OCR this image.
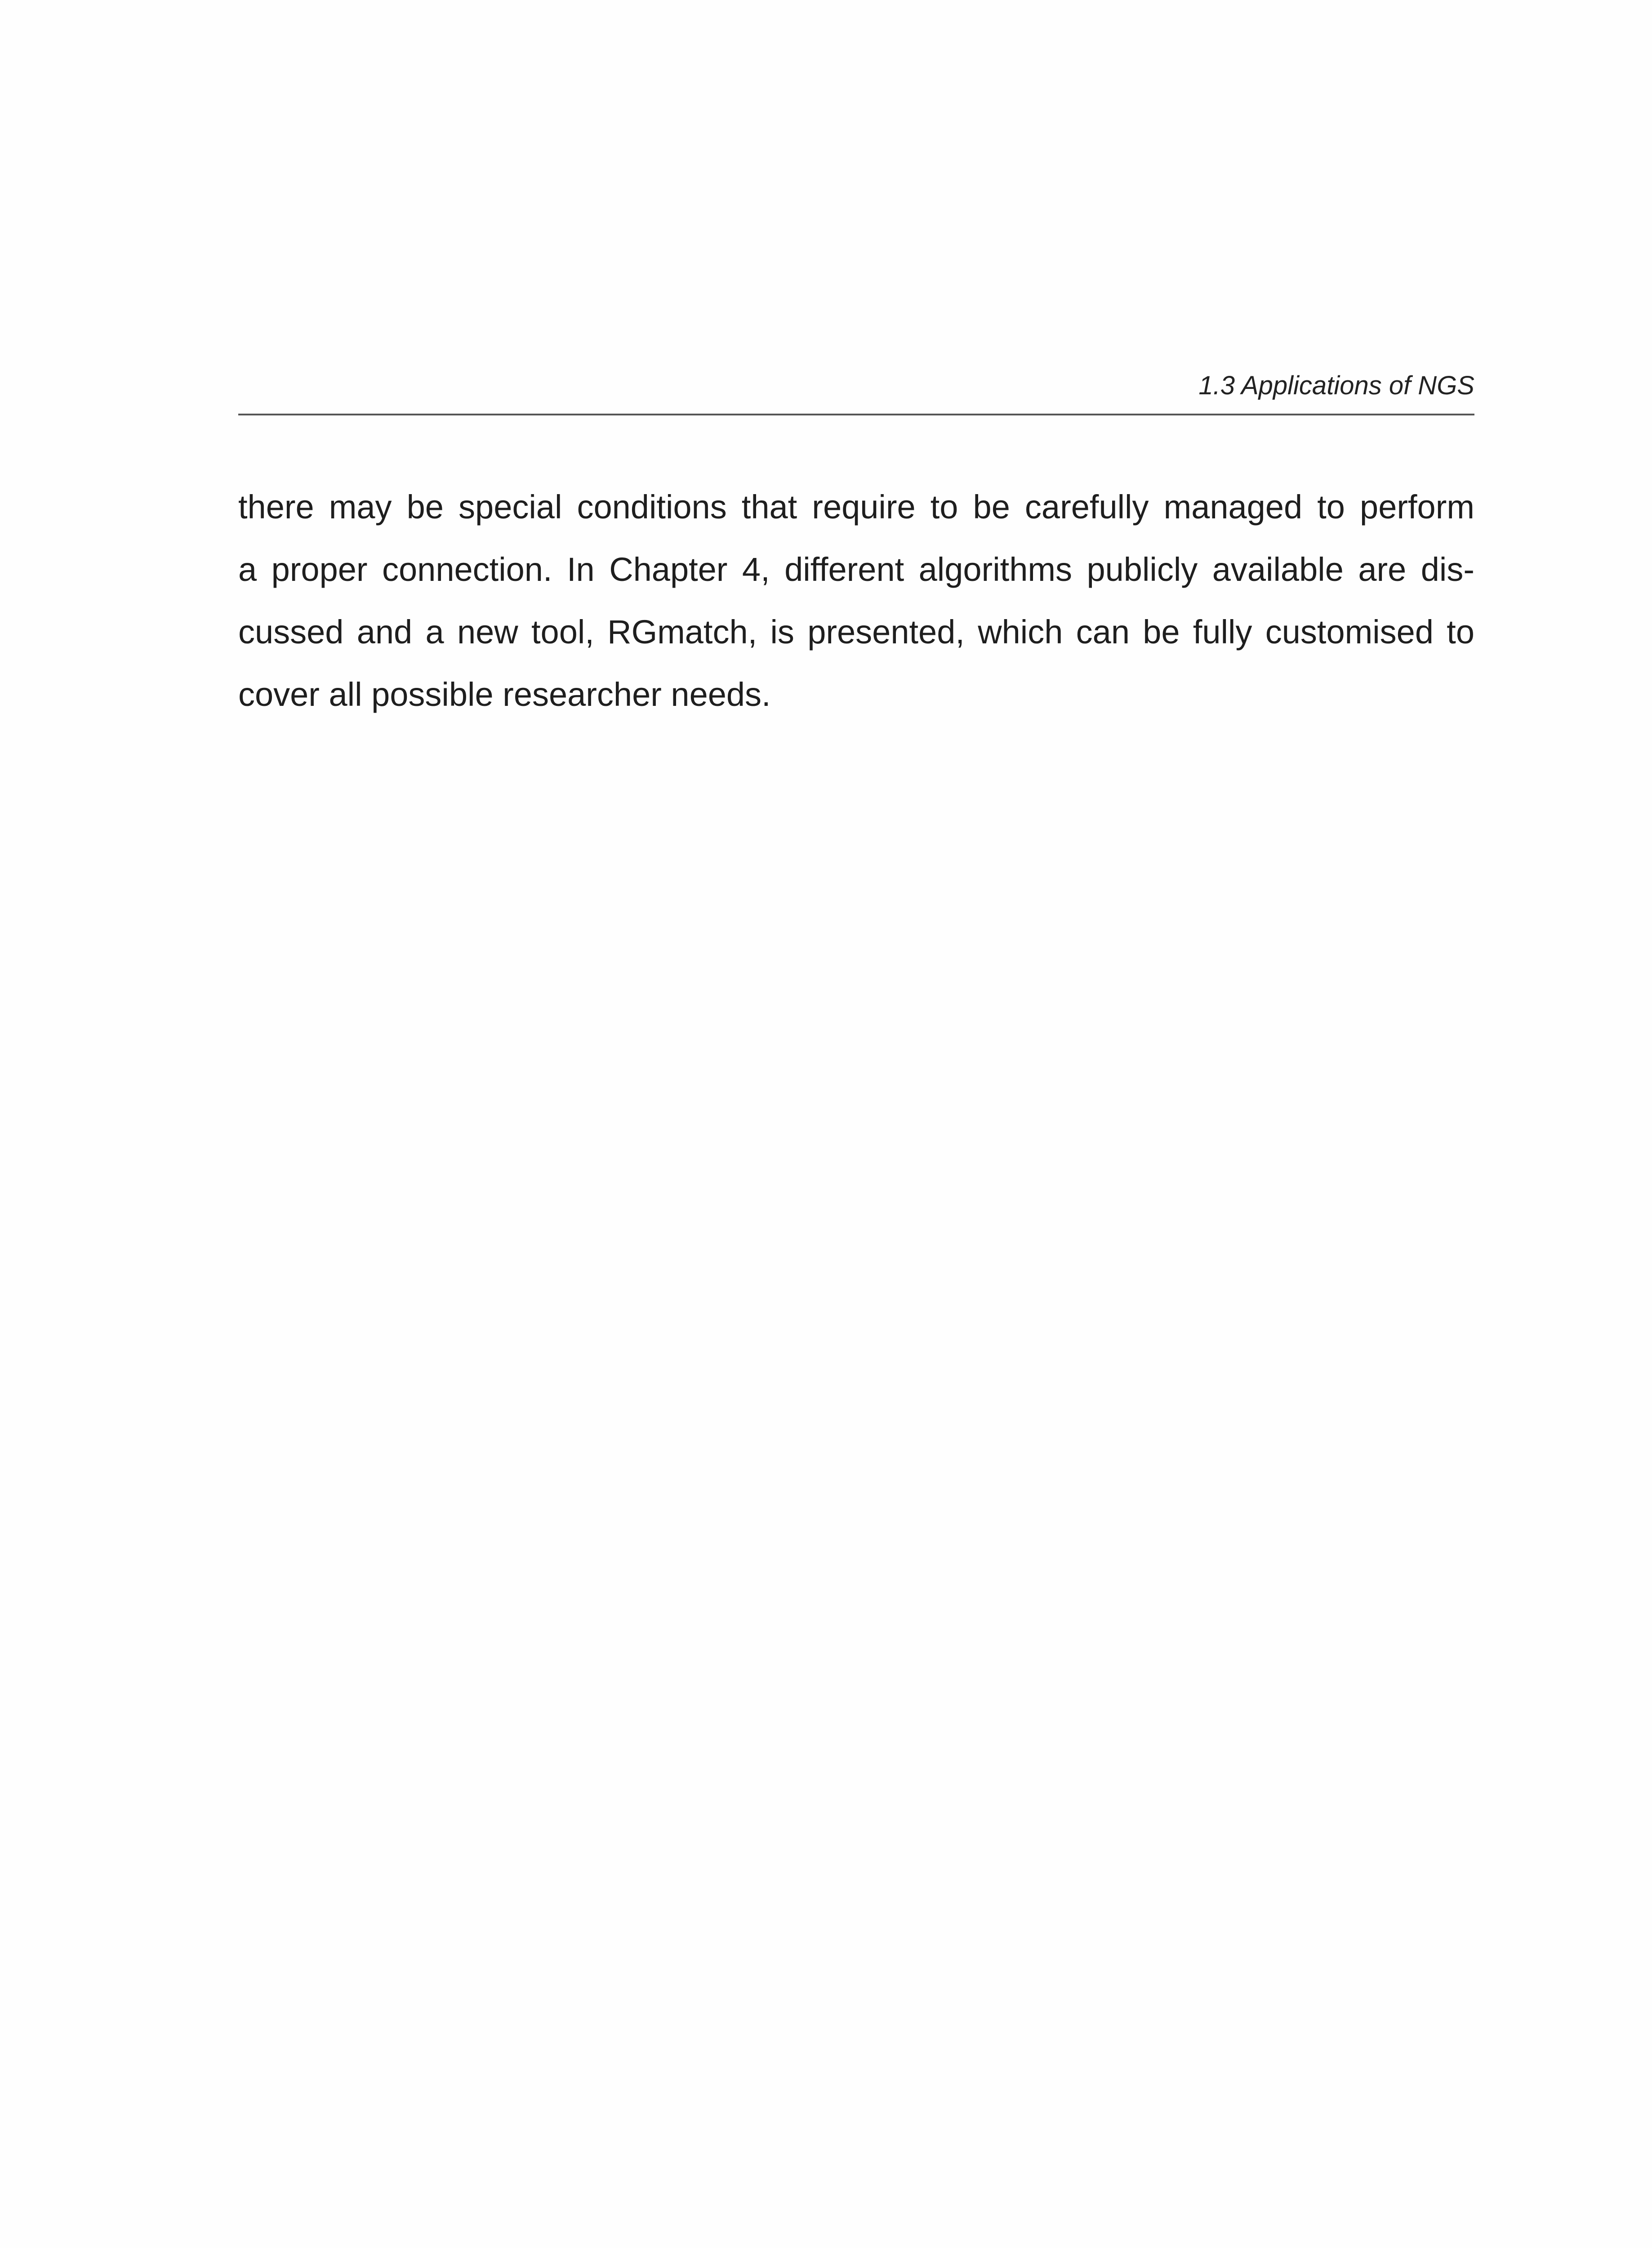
1.3 Applications of NGS
there may be special conditions that require to be carefully managed to perform
a proper connection. In Chapter 4, different algorithms publicly available are dis-
cussed and a new tool, RGmatch, is presented, which can be fully customised to
cover all possible researcher needs.
